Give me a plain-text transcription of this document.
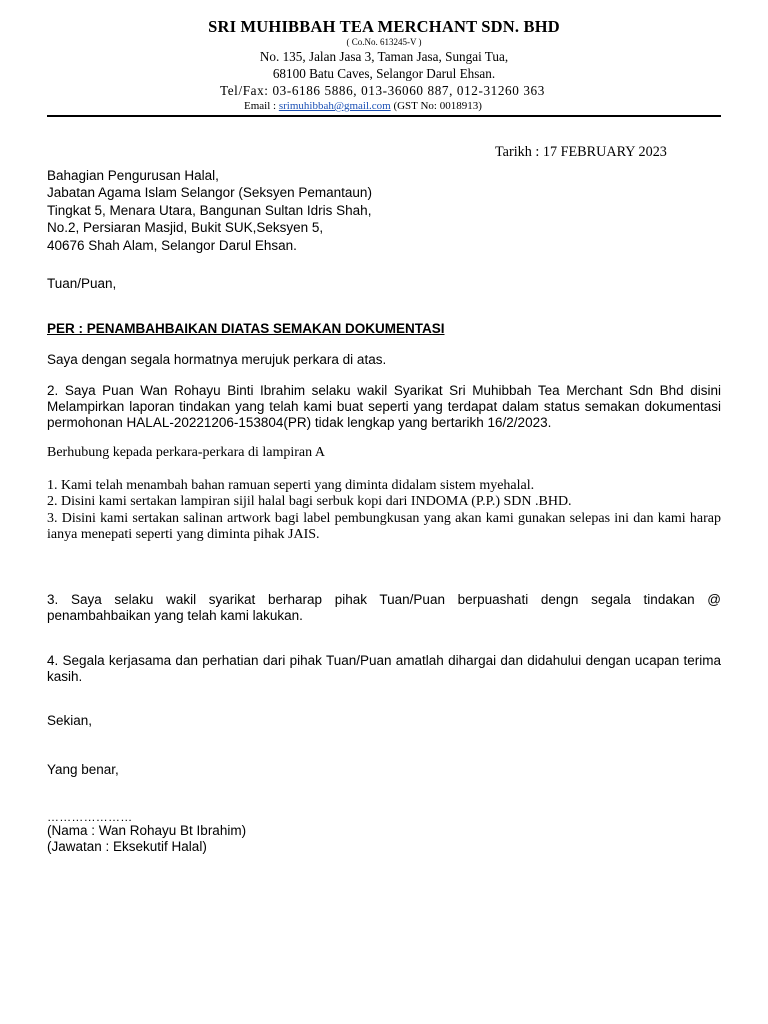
SRI MUHIBBAH TEA MERCHANT SDN. BHD
( Co.No. 613245-V )
No. 135, Jalan Jasa 3, Taman Jasa, Sungai Tua,
68100 Batu Caves, Selangor Darul Ehsan.
Tel/Fax: 03-6186 5886, 013-36060 887, 012-31260 363
Email : srimuhibbah@gmail.com (GST No: 0018913)
Tarikh : 17 FEBRUARY 2023
Bahagian Pengurusan Halal,
Jabatan Agama Islam Selangor (Seksyen Pemantaun)
Tingkat 5, Menara Utara, Bangunan Sultan Idris Shah,
No.2, Persiaran Masjid, Bukit SUK,Seksyen 5,
40676 Shah Alam, Selangor Darul Ehsan.
Tuan/Puan,
PER : PENAMBAHBAIKAN DIATAS SEMAKAN DOKUMENTASI
Saya dengan segala hormatnya merujuk perkara di atas.
2. Saya Puan Wan Rohayu Binti Ibrahim selaku wakil Syarikat Sri Muhibbah Tea Merchant Sdn Bhd disini Melampirkan laporan tindakan yang telah kami buat seperti yang terdapat dalam status semakan dokumentasi permohonan HALAL-20221206-153804(PR) tidak lengkap yang bertarikh 16/2/2023.
Berhubung kepada perkara-perkara di lampiran A
1. Kami telah menambah bahan ramuan seperti yang diminta didalam sistem myehalal.
2. Disini kami sertakan lampiran sijil halal bagi serbuk kopi dari INDOMA (P.P.) SDN .BHD.
3. Disini kami sertakan salinan artwork bagi label pembungkusan yang akan kami gunakan selepas ini dan kami harap ianya menepati seperti yang diminta pihak JAIS.
3. Saya selaku wakil syarikat berharap pihak Tuan/Puan berpuashati dengn segala tindakan @ penambahbaikan yang telah kami lakukan.
4. Segala kerjasama dan perhatian dari pihak Tuan/Puan amatlah dihargai dan didahului dengan ucapan terima kasih.
Sekian,
Yang benar,
…………………
(Nama : Wan Rohayu Bt Ibrahim)
(Jawatan : Eksekutif Halal)
